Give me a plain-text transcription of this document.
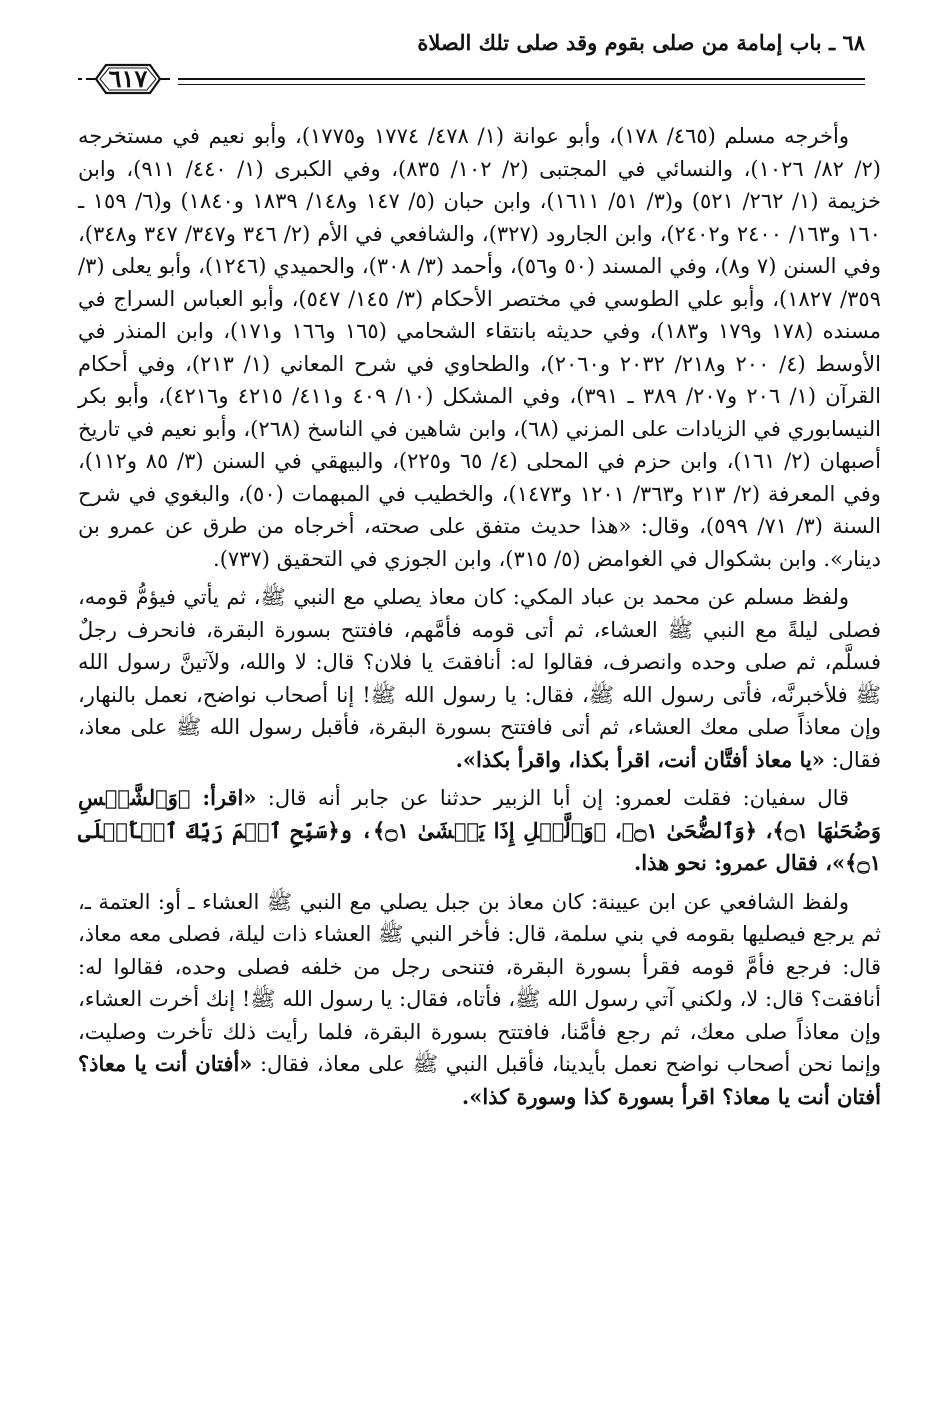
٦٨ ـ باب إمامة من صلى بقوم وقد صلى تلك الصلاة
٦١٧

وأخرجه مسلم (٤٦٥/ ١٧٨)، وأبو عوانة (١/ ٤٧٨/ ١٧٧٤ و١٧٧٥)، وأبو نعيم في مستخرجه (٢/ ٨٢/ ١٠٢٦)، والنسائي في المجتبى (٢/ ١٠٢/ ٨٣٥)، وفي الكبرى (١/ ٤٤٠/ ٩١١)، وابن خزيمة (١/ ٢٦٢/ ٥٢١) و(٣/ ٥١/ ١٦١١)، وابن حبان (٥/ ١٤٧ و١٤٨/ ١٨٣٩ و١٨٤٠) و(٦/ ١٥٩ ـ ١٦٠ و١٦٣/ ٢٤٠٠ و٢٤٠٢)، وابن الجارود (٣٢٧)، والشافعي في الأم (٢/ ٣٤٦ و٣٤٧/ ٣٤٧ و٣٤٨)، وفي السنن (٧ و٨)، وفي المسند (٥٠ و٥٦)، وأحمد (٣/ ٣٠٨)، والحميدي (١٢٤٦)، وأبو يعلى (٣/ ٣٥٩/ ١٨٢٧)، وأبو علي الطوسي في مختصر الأحكام (٣/ ١٤٥/ ٥٤٧)، وأبو العباس السراج في مسنده (١٧٨ و١٧٩ و١٨٣)، وفي حديثه بانتقاء الشحامي (١٦٥ و١٦٦ و١٧١)، وابن المنذر في الأوسط (٤/ ٢٠٠ و٢١٨/ ٢٠٣٢ و٢٠٦٠)، والطحاوي في شرح المعاني (١/ ٢١٣)، وفي أحكام القرآن (١/ ٢٠٦ و٢٠٧/ ٣٨٩ ـ ٣٩١)، وفي المشكل (١٠/ ٤٠٩ و٤١١/ ٤٢١٥ و٤٢١٦)، وأبو بكر النيسابوري في الزيادات على المزني (٦٨)، وابن شاهين في الناسخ (٢٦٨)، وأبو نعيم في تاريخ أصبهان (٢/ ١٦١)، وابن حزم في المحلى (٤/ ٦٥ و٢٢٥)، والبيهقي في السنن (٣/ ٨٥ و١١٢)، وفي المعرفة (٢/ ٢١٣ و٣٦٣/ ١٢٠١ و١٤٧٣)، والخطيب في المبهمات (٥٠)، والبغوي في شرح السنة (٣/ ٧١/ ٥٩٩)، وقال: «هذا حديث متفق على صحته، أخرجاه من طرق عن عمرو بن دينار». وابن بشكوال في الغوامض (٥/ ٣١٥)، وابن الجوزي في التحقيق (٧٣٧).

ولفظ مسلم عن محمد بن عباد المكي: كان معاذ يصلي مع النبي ﷺ، ثم يأتي فيؤمُّ قومه، فصلى ليلةً مع النبي ﷺ العشاء، ثم أتى قومه فأمَّهم، فافتتح بسورة البقرة، فانحرف رجلٌ فسلَّم، ثم صلى وحده وانصرف، فقالوا له: أنافقتَ يا فلان؟ قال: لا والله، ولآتينَّ رسول الله ﷺ فلأخبرنَّه، فأتى رسول الله ﷺ، فقال: يا رسول الله ﷺ! إنا أصحاب نواضح، نعمل بالنهار، وإن معاذاً صلى معك العشاء، ثم أتى فافتتح بسورة البقرة، فأقبل رسول الله ﷺ على معاذ، فقال: «يا معاذ أفتَّان أنت، اقرأ بكذا، واقرأ بكذا».

قال سفيان: فقلت لعمرو: إن أبا الزبير حدثنا عن جابر أنه قال: «اقرأ: ﴿وَٱلشَّمۡسِ وَضُحَىٰهَا ۝١﴾، ﴿وَٱلضُّحَىٰ ۝١﴾، ﴿وَٱلَّيۡلِ إِذَا يَغۡشَىٰ ۝١﴾، و﴿سَبِّحِ ٱسۡمَ رَبِّكَ ٱلۡأَعۡلَى ۝١﴾»، فقال عمرو: نحو هذا.

ولفظ الشافعي عن ابن عيينة: كان معاذ بن جبل يصلي مع النبي ﷺ العشاء ـ أو: العتمة ـ، ثم يرجع فيصليها بقومه في بني سلمة، قال: فأخر النبي ﷺ العشاء ذات ليلة، فصلى معه معاذ، قال: فرجع فأمَّ قومه فقرأ بسورة البقرة، فتنحى رجل من خلفه فصلى وحده، فقالوا له: أنافقت؟ قال: لا، ولكني آتي رسول الله ﷺ، فأتاه، فقال: يا رسول الله ﷺ! إنك أخرت العشاء، وإن معاذاً صلى معك، ثم رجع فأمَّنا، فافتتح بسورة البقرة، فلما رأيت ذلك تأخرت وصليت، وإنما نحن أصحاب نواضح نعمل بأيدينا، فأقبل النبي ﷺ على معاذ، فقال: «أفتان أنت يا معاذ؟ أفتان أنت يا معاذ؟ اقرأ بسورة كذا وسورة كذا».
